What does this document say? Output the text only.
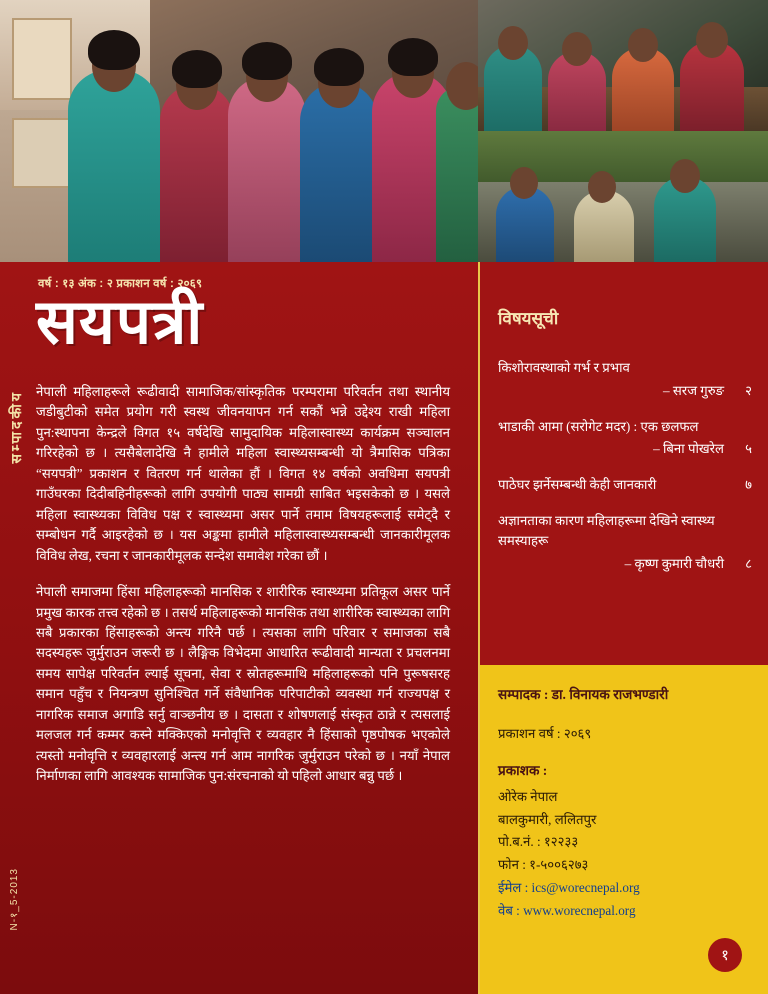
वर्ष : १३ अंक : २ प्रकाशन वर्ष : २०६९
सयपत्री
सम्पादकीय
N-१_5-2013

नेपाली महिलाहरूले रूढीवादी सामाजिक/सांस्कृतिक परम्परामा परिवर्तन तथा स्थानीय जडीबुटीको समेत प्रयोग गरी स्वस्थ जीवनयापन गर्न सकौं भन्ने उद्देश्य राखी महिला पुन:स्थापना केन्द्रले विगत १५ वर्षदेखि सामुदायिक महिलास्वास्थ्य कार्यक्रम सञ्चालन गरिरहेको छ । त्यसैबेलादेखि नै हामीले महिला स्वास्थ्यसम्बन्धी यो त्रैमासिक पत्रिका “सयपत्री” प्रकाशन र वितरण गर्न थालेका हौं । विगत १४ वर्षको अवधिमा सयपत्री गाउँघरका दिदीबहिनीहरूको लागि उपयोगी पाठ्य सामग्री साबित भइसकेको छ । यसले महिला स्वास्थ्यका विविध पक्ष र स्वास्थ्यमा असर पार्ने तमाम विषयहरूलाई समेट्दै र सम्बोधन गर्दै आइरहेको छ । यस अङ्कमा हामीले महिलास्वास्थ्यसम्बन्धी जानकारीमूलक विविध लेख, रचना र जानकारीमूलक सन्देश समावेश गरेका छौं ।

नेपाली समाजमा हिंसा महिलाहरूको मानसिक र शारीरिक स्वास्थ्यमा प्रतिकूल असर पार्ने प्रमुख कारक तत्त्व रहेको छ । तसर्थ महिलाहरूको मानसिक तथा शारीरिक स्वास्थ्यका लागि सबै प्रकारका हिंसाहरूको अन्त्य गरिनै पर्छ । त्यसका लागि परिवार र समाजका सबै सदस्यहरू जुर्मुराउन जरूरी छ । लैङ्गिक विभेदमा आधारित रूढीवादी मान्यता र प्रचलनमा समय सापेक्ष परिवर्तन ल्याई सूचना, सेवा र स्रोतहरूमाथि महिलाहरूको पनि पुरूषसरह समान पहुँच र नियन्त्रण सुनिश्चित गर्ने संवैधानिक परिपाटीको व्यवस्था गर्न राज्यपक्ष र नागरिक समाज अगाडि सर्नु वाञ्छनीय छ । दासता र शोषणलाई संस्कृत ठान्ने र त्यसलाई मलजल गर्न कम्मर कस्ने मक्किएको मनोवृत्ति र व्यवहार नै हिंसाको पृष्ठपोषक भएकोले त्यस्तो मनोवृत्ति र व्यवहारलाई अन्त्य गर्न आम नागरिक जुर्मुराउन परेको छ । नयाँ नेपाल निर्माणका लागि आवश्यक सामाजिक पुन:संरचनाको यो पहिलो आधार बन्नु पर्छ ।

विषयसूची
किशोरावस्थाको गर्भ र प्रभाव
– सरज गुरुङ	२
भाडाकी आमा (सरोगेट मदर) : एक छलफल
– बिना पोखरेल	५
पाठेघर झर्नेसम्बन्धी केही जानकारी	७
अज्ञानताका कारण महिलाहरूमा देखिने स्वास्थ्य समस्याहरू
– कृष्ण कुमारी चौधरी	८
सम्पादक : डा. विनायक राजभण्डारी
प्रकाशन वर्ष : २०६९
प्रकाशक :
ओरेक नेपाल
बालकुमारी, ललितपुर
पो.ब.नं. : १२२३३
फोन : १-५००६२७३
ईमेल : ics@worecnepal.org
वेब : www.worecnepal.org
१
